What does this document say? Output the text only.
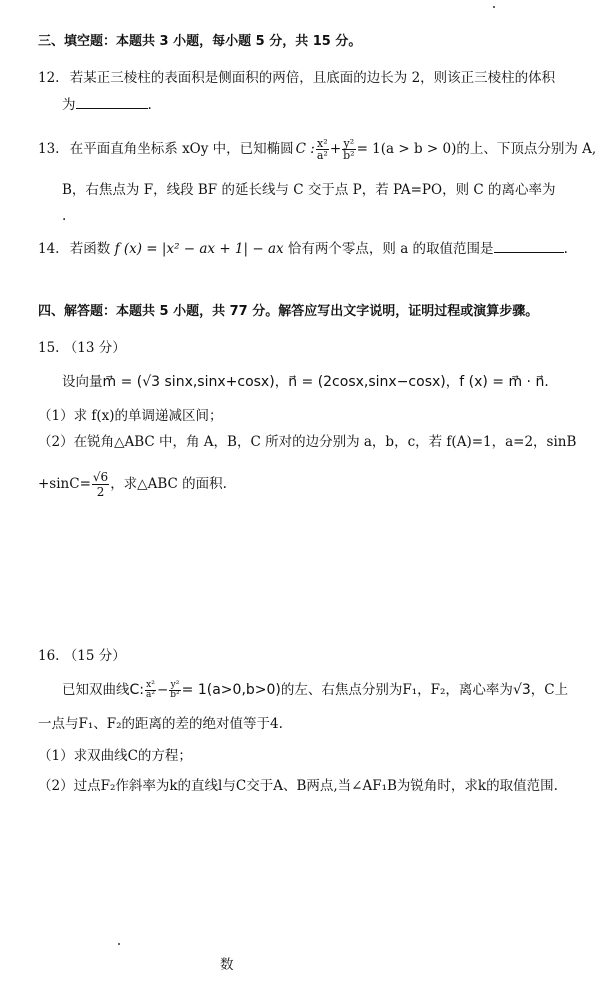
三、填空题：本题共 3 小题，每小题 5 分，共 15 分。
12. 若某正三棱柱的表面积是侧面积的两倍，且底面的边长为 2，则该正三棱柱的体积
为	.
13. 在平面直角坐标系 xOy 中，已知椭圆 C : $\frac{\text{x²}}{\text{a²}} + \frac{\text{y²}}{\text{b²}} = 1(a > b > 0)$的上、下顶点分别为 A,
B，右焦点为 F，线段 BF 的延长线与 C 交于点 P，若 PA=PO，则 C 的离心率为
.
14. 若函数 f (x) = |x² − ax + 1| − ax 恰有两个零点，则 a 的取值范围是	.
四、解答题：本题共 5 小题，共 77 分。解答应写出文字说明，证明过程或演算步骤。
15. （13 分）
设向量m⃗ = (√3 sinx,sinx+cosx)，n⃗ = (2cosx,sinx−cosx)，f (x) = m⃗ · n⃗.
（1）求 f(x)的单调递减区间；
（2）在锐角△ABC 中，角 A，B，C 所对的边分别为 a，b，c，若 f(A)=1，a=2，sinB
$+\sin C= \frac{√6}{2}$ ，求△ABC 的面积.
16. （15 分）
已知双曲线C: $\frac{\text{x²}}{\text{a²}} - \frac{\text{y²}}{\text{b²}} = 1(a>0,b>0)$的左、右焦点分别为F₁，F₂，离心率为√3，C上
一点与F₁、F₂的距离的差的绝对值等于4.
（1）求双曲线C的方程；
（2）过点F₂作斜率为k的直线l与C交于A、B两点,当∠AF₁B为锐角时，求k的取值范围.
数
